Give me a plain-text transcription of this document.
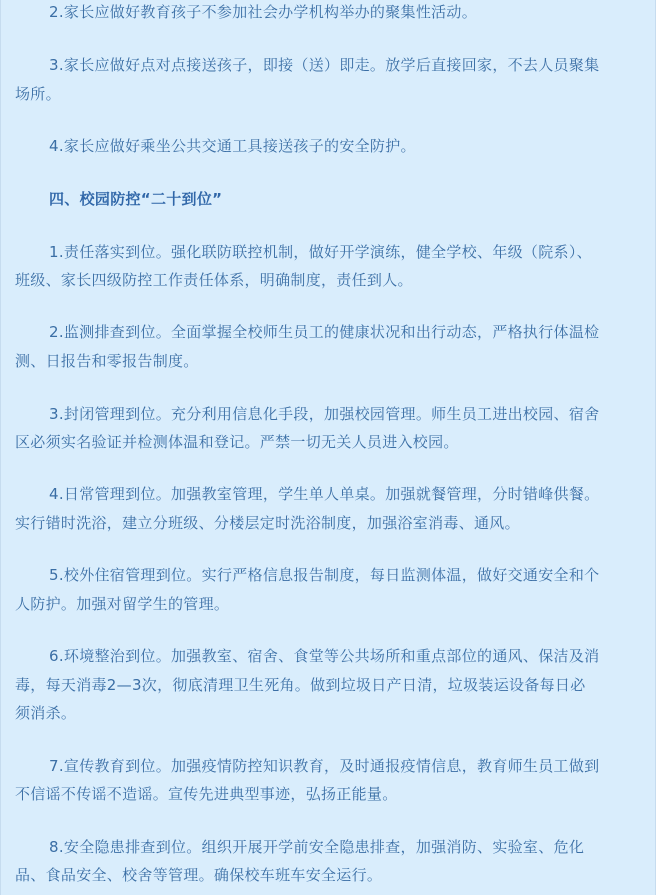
2.家长应做好教育孩子不参加社会办学机构举办的聚集性活动。
3.家长应做好点对点接送孩子，即接（送）即走。放学后直接回家，不去人员聚集
场所。
4.家长应做好乘坐公共交通工具接送孩子的安全防护。
四、校园防控“二十到位”
1.责任落实到位。强化联防联控机制，做好开学演练，健全学校、年级（院系）、
班级、家长四级防控工作责任体系，明确制度，责任到人。
2.监测排查到位。全面掌握全校师生员工的健康状况和出行动态，严格执行体温检
测、日报告和零报告制度。
3.封闭管理到位。充分利用信息化手段，加强校园管理。师生员工进出校园、宿舍
区必须实名验证并检测体温和登记。严禁一切无关人员进入校园。
4.日常管理到位。加强教室管理，学生单人单桌。加强就餐管理，分时错峰供餐。
实行错时洗浴，建立分班级、分楼层定时洗浴制度，加强浴室消毒、通风。
5.校外住宿管理到位。实行严格信息报告制度，每日监测体温，做好交通安全和个
人防护。加强对留学生的管理。
6.环境整治到位。加强教室、宿舍、食堂等公共场所和重点部位的通风、保洁及消
毒，每天消毒2—3次，彻底清理卫生死角。做到垃圾日产日清，垃圾装运设备每日必
须消杀。
7.宣传教育到位。加强疫情防控知识教育，及时通报疫情信息，教育师生员工做到
不信谣不传谣不造谣。宣传先进典型事迹，弘扬正能量。
8.安全隐患排查到位。组织开展开学前安全隐患排查，加强消防、实验室、危化
品、食品安全、校舍等管理。确保校车班车安全运行。
